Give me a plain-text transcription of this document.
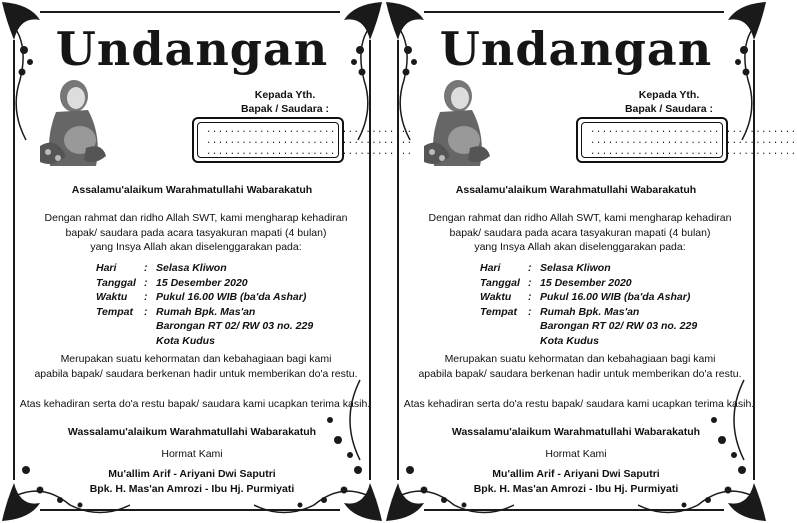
Undangan
Kepada Yth.
Bapak / Saudara :
...................................
...................................
...................................
Assalamu'alaikum Warahmatullahi Wabarakatuh
Dengan rahmat dan ridho Allah SWT, kami mengharap kehadiran
bapak/ saudara pada acara tasyakuran mapati (4 bulan)
yang Insya Allah akan diselenggarakan pada:
Hari	: Selasa Kliwon
Tanggal : 15 Desember 2020
Waktu	: Pukul 16.00 WIB (ba'da Ashar)
Tempat	: Rumah Bpk. Mas'an
Barongan RT 02/ RW 03 no. 229
Kota Kudus
Merupakan suatu kehormatan dan kebahagiaan bagi kami
apabila bapak/ saudara berkenan hadir untuk memberikan do'a restu.
Atas kehadiran serta do'a restu bapak/ saudara kami ucapkan terima kasih.
Wassalamu'alaikum Warahmatullahi Wabarakatuh
Hormat Kami
Mu'allim Arif - Ariyani Dwi Saputri
Bpk. H. Mas'an Amrozi - Ibu Hj. Purmiyati
Undangan
Kepada Yth.
Bapak / Saudara :
...................................
...................................
...................................
Assalamu'alaikum Warahmatullahi Wabarakatuh
Dengan rahmat dan ridho Allah SWT, kami mengharap kehadiran
bapak/ saudara pada acara tasyakuran mapati (4 bulan)
yang Insya Allah akan diselenggarakan pada:
Hari	: Selasa Kliwon
Tanggal : 15 Desember 2020
Waktu	: Pukul 16.00 WIB (ba'da Ashar)
Tempat	: Rumah Bpk. Mas'an
Barongan RT 02/ RW 03 no. 229
Kota Kudus
Merupakan suatu kehormatan dan kebahagiaan bagi kami
apabila bapak/ saudara berkenan hadir untuk memberikan do'a restu.
Atas kehadiran serta do'a restu bapak/ saudara kami ucapkan terima kasih.
Wassalamu'alaikum Warahmatullahi Wabarakatuh
Hormat Kami
Mu'allim Arif - Ariyani Dwi Saputri
Bpk. H. Mas'an Amrozi - Ibu Hj. Purmiyati
